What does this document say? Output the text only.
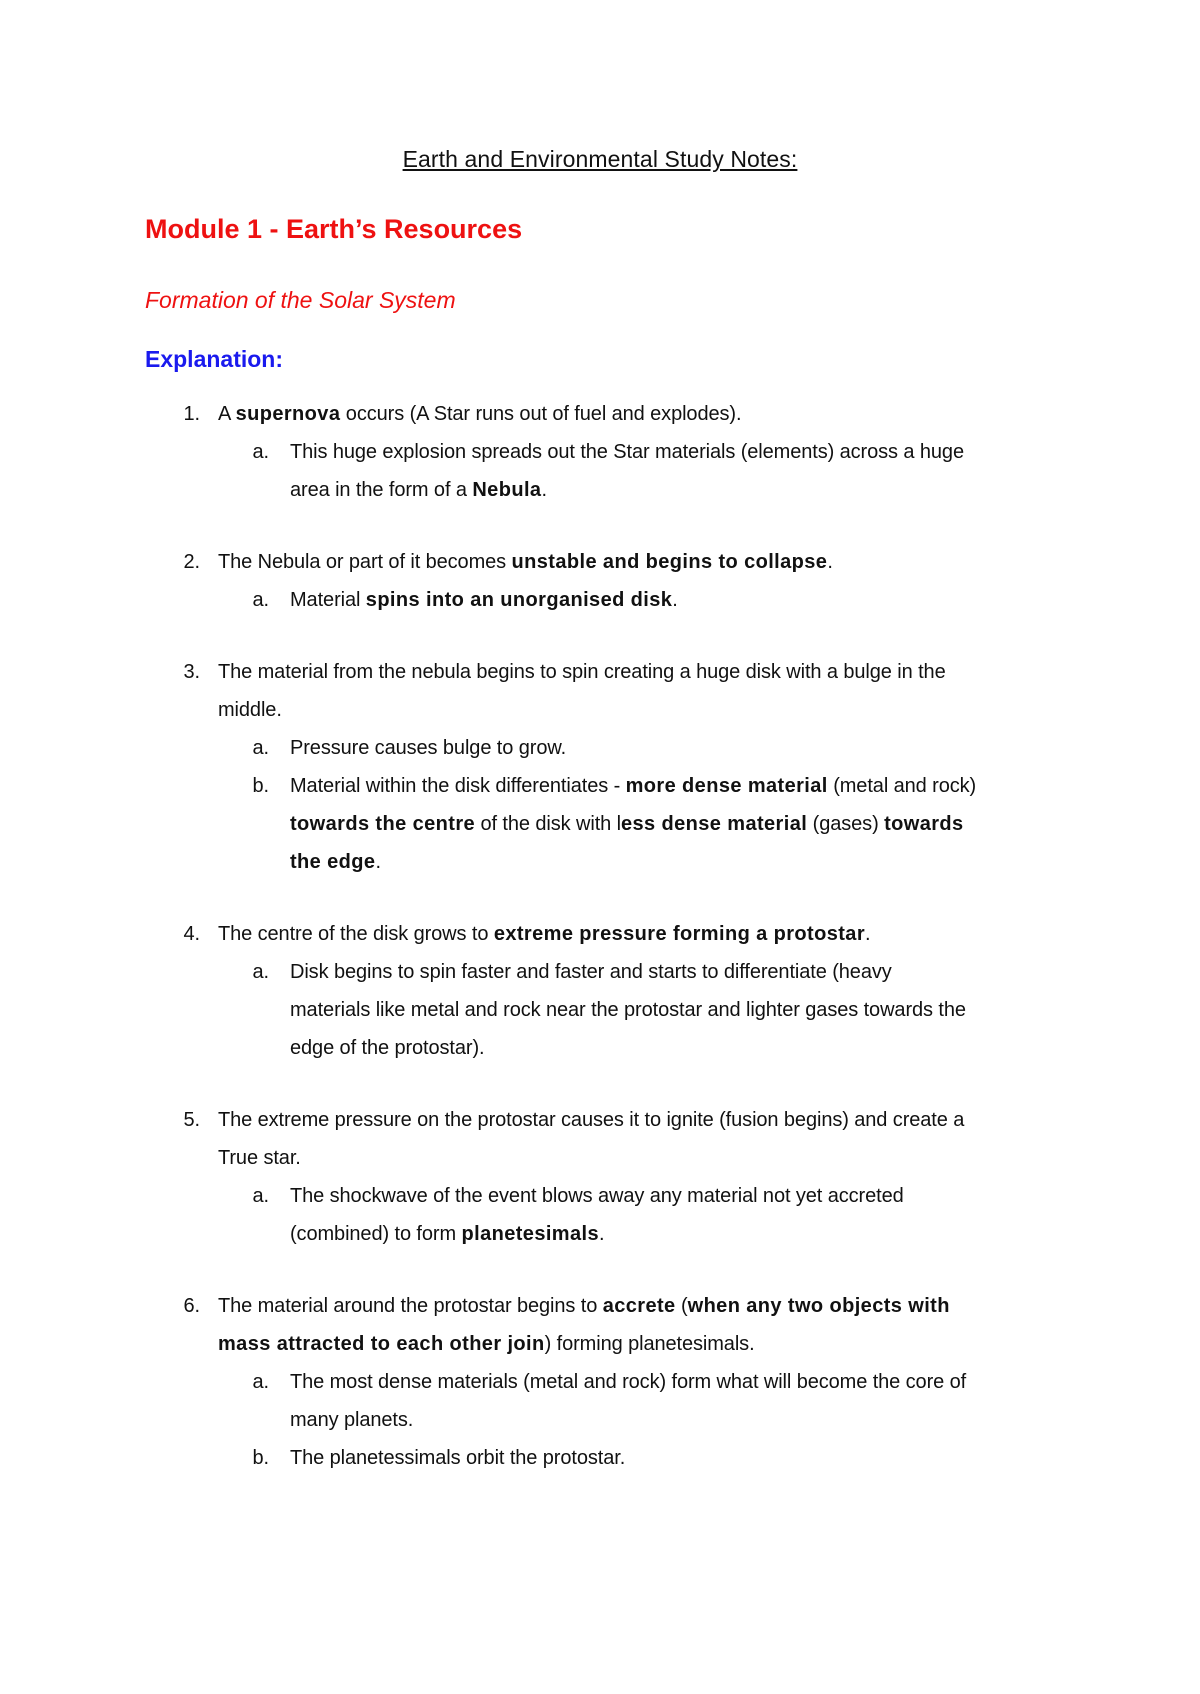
Earth and Environmental Study Notes:
Module 1 - Earth’s Resources
Formation of the Solar System
Explanation:
1. A supernova occurs (A Star runs out of fuel and explodes).
a. This huge explosion spreads out the Star materials (elements) across a huge
area in the form of a Nebula.
2. The Nebula or part of it becomes unstable and begins to collapse.
a. Material spins into an unorganised disk.
3. The material from the nebula begins to spin creating a huge disk with a bulge in the
middle.
a. Pressure causes bulge to grow.
b. Material within the disk differentiates - more dense material (metal and rock)
towards the centre of the disk with less dense material (gases) towards
the edge.
4. The centre of the disk grows to extreme pressure forming a protostar.
a. Disk begins to spin faster and faster and starts to differentiate (heavy
materials like metal and rock near the protostar and lighter gases towards the
edge of the protostar).
5. The extreme pressure on the protostar causes it to ignite (fusion begins) and create a
True star.
a. The shockwave of the event blows away any material not yet accreted
(combined) to form planetesimals.
6. The material around the protostar begins to accrete (when any two objects with
mass attracted to each other join) forming planetesimals.
a. The most dense materials (metal and rock) form what will become the core of
many planets.
b. The planetessimals orbit the protostar.
